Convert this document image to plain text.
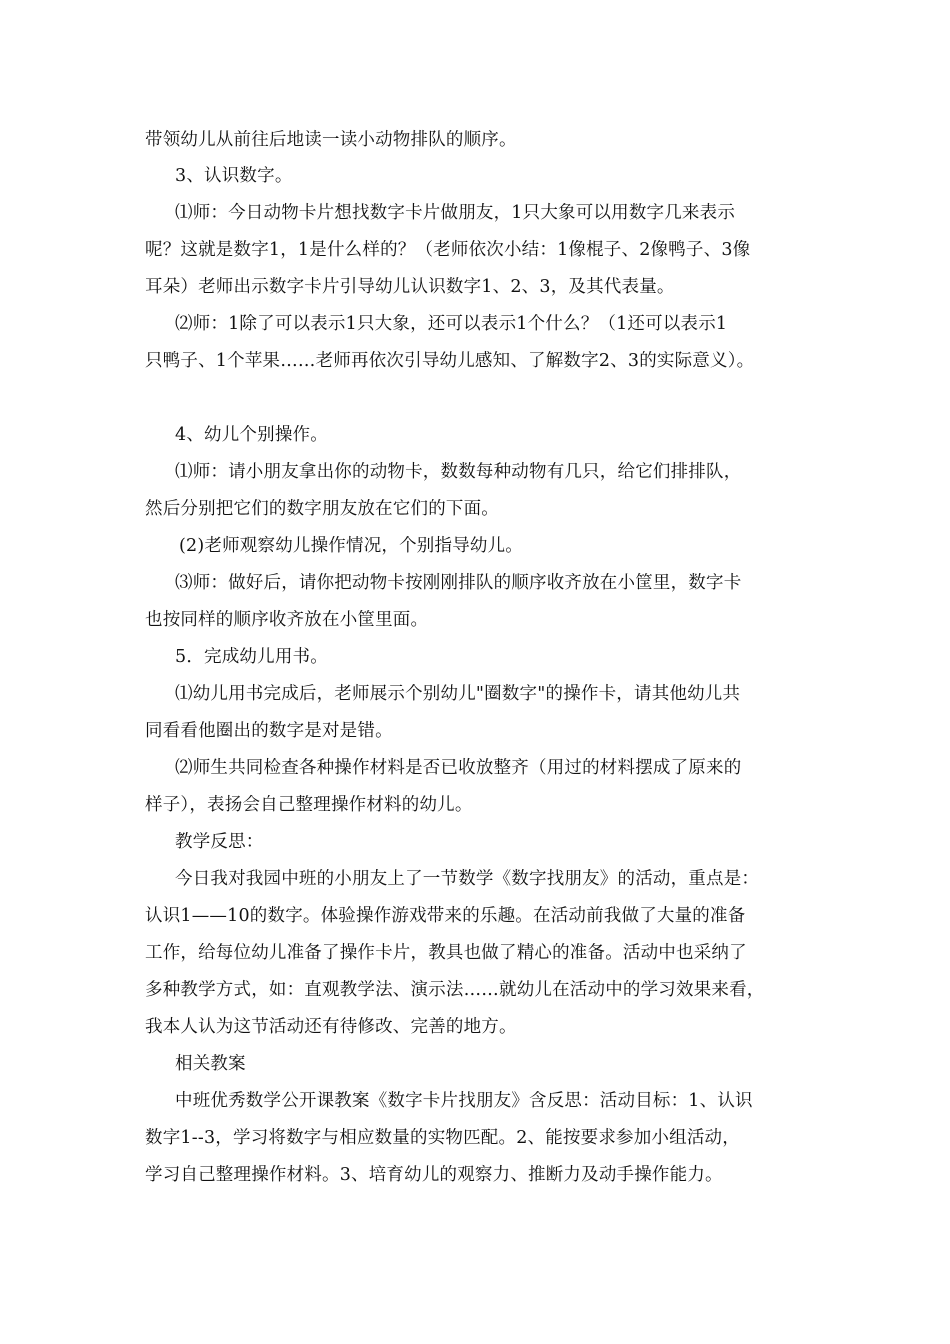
带领幼儿从前往后地读一读小动物排队的顺序。
3、认识数字。
⑴师：今日动物卡片想找数字卡片做朋友，1只大象可以用数字几来表示
呢？这就是数字1，1是什么样的？（老师依次小结：1像棍子、2像鸭子、3像
耳朵）老师出示数字卡片引导幼儿认识数字1、2、3，及其代表量。
⑵师：1除了可以表示1只大象，还可以表示1个什么？（1还可以表示1
只鸭子、1个苹果……老师再依次引导幼儿感知、了解数字2、3的实际意义）。
4、幼儿个别操作。
⑴师：请小朋友拿出你的动物卡，数数每种动物有几只，给它们排排队，
然后分别把它们的数字朋友放在它们的下面。
(2)老师观察幼儿操作情况，个别指导幼儿。
⑶师：做好后，请你把动物卡按刚刚排队的顺序收齐放在小筐里，数字卡
也按同样的顺序收齐放在小筐里面。
5．完成幼儿用书。
⑴幼儿用书完成后，老师展示个别幼儿"圈数字"的操作卡，请其他幼儿共
同看看他圈出的数字是对是错。
⑵师生共同检查各种操作材料是否已收放整齐（用过的材料摆成了原来的
样子），表扬会自己整理操作材料的幼儿。
教学反思：
今日我对我园中班的小朋友上了一节数学《数字找朋友》的活动，重点是：
认识1——10的数字。体验操作游戏带来的乐趣。在活动前我做了大量的准备
工作，给每位幼儿准备了操作卡片，教具也做了精心的准备。活动中也采纳了
多种教学方式，如：直观教学法、演示法……就幼儿在活动中的学习效果来看，
我本人认为这节活动还有待修改、完善的地方。
相关教案
中班优秀数学公开课教案《数字卡片找朋友》含反思：活动目标：1、认识
数字1--3，学习将数字与相应数量的实物匹配。2、能按要求参加小组活动，
学习自己整理操作材料。3、培育幼儿的观察力、推断力及动手操作能力。
